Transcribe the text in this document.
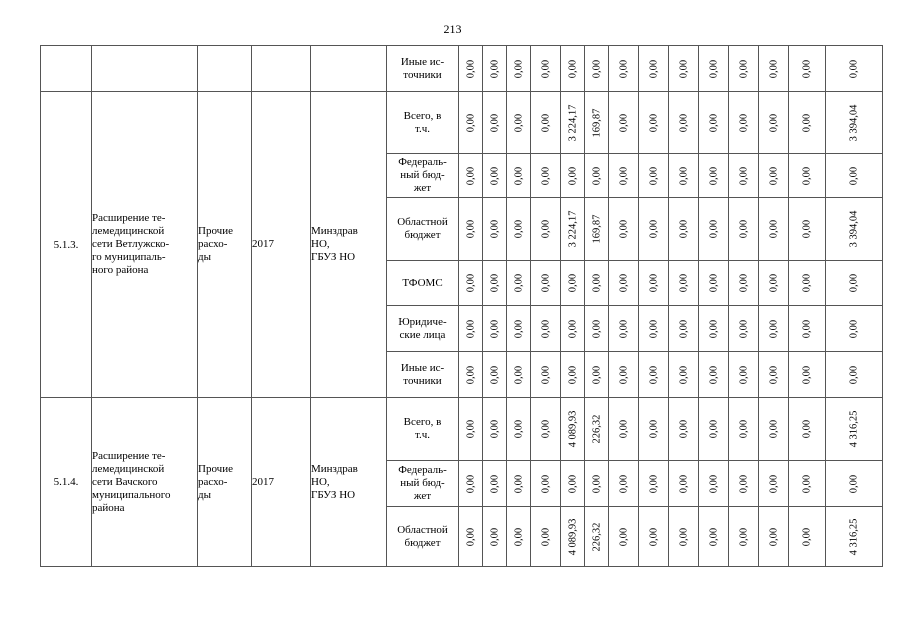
213
					Иные ис-
точники	0,00	0,00	0,00	0,00	0,00	0,00	0,00	0,00	0,00	0,00	0,00	0,00	0,00	0,00

5.1.3.	Расширение те-
лемедицинской
сети Ветлужско-
го муниципаль-
ного района	Прочие
расхо-
ды	2017	Минздрав
НО,
ГБУЗ НО	Всего, в
т.ч.	0,00	0,00	0,00	0,00	3 224,17	169,87	0,00	0,00	0,00	0,00	0,00	0,00	0,00	3 394,04

					Федераль-
ный бюд-
жет	0,00	0,00	0,00	0,00	0,00	0,00	0,00	0,00	0,00	0,00	0,00	0,00	0,00	0,00

					Областной
бюджет	0,00	0,00	0,00	0,00	3 224,17	169,87	0,00	0,00	0,00	0,00	0,00	0,00	0,00	3 394,04

					ТФОМС	0,00	0,00	0,00	0,00	0,00	0,00	0,00	0,00	0,00	0,00	0,00	0,00	0,00	0,00

					Юридиче-
ские лица	0,00	0,00	0,00	0,00	0,00	0,00	0,00	0,00	0,00	0,00	0,00	0,00	0,00	0,00

					Иные ис-
точники	0,00	0,00	0,00	0,00	0,00	0,00	0,00	0,00	0,00	0,00	0,00	0,00	0,00	0,00

5.1.4.	Расширение те-
лемедицинской
сети Вачского
муниципального
района	Прочие
расхо-
ды	2017	Минздрав
НО,
ГБУЗ НО	Всего, в
т.ч.	0,00	0,00	0,00	0,00	4 089,93	226,32	0,00	0,00	0,00	0,00	0,00	0,00	0,00	4 316,25

					Федераль-
ный бюд-
жет	0,00	0,00	0,00	0,00	0,00	0,00	0,00	0,00	0,00	0,00	0,00	0,00	0,00	0,00

					Областной
бюджет	0,00	0,00	0,00	0,00	4 089,93	226,32	0,00	0,00	0,00	0,00	0,00	0,00	0,00	4 316,25
